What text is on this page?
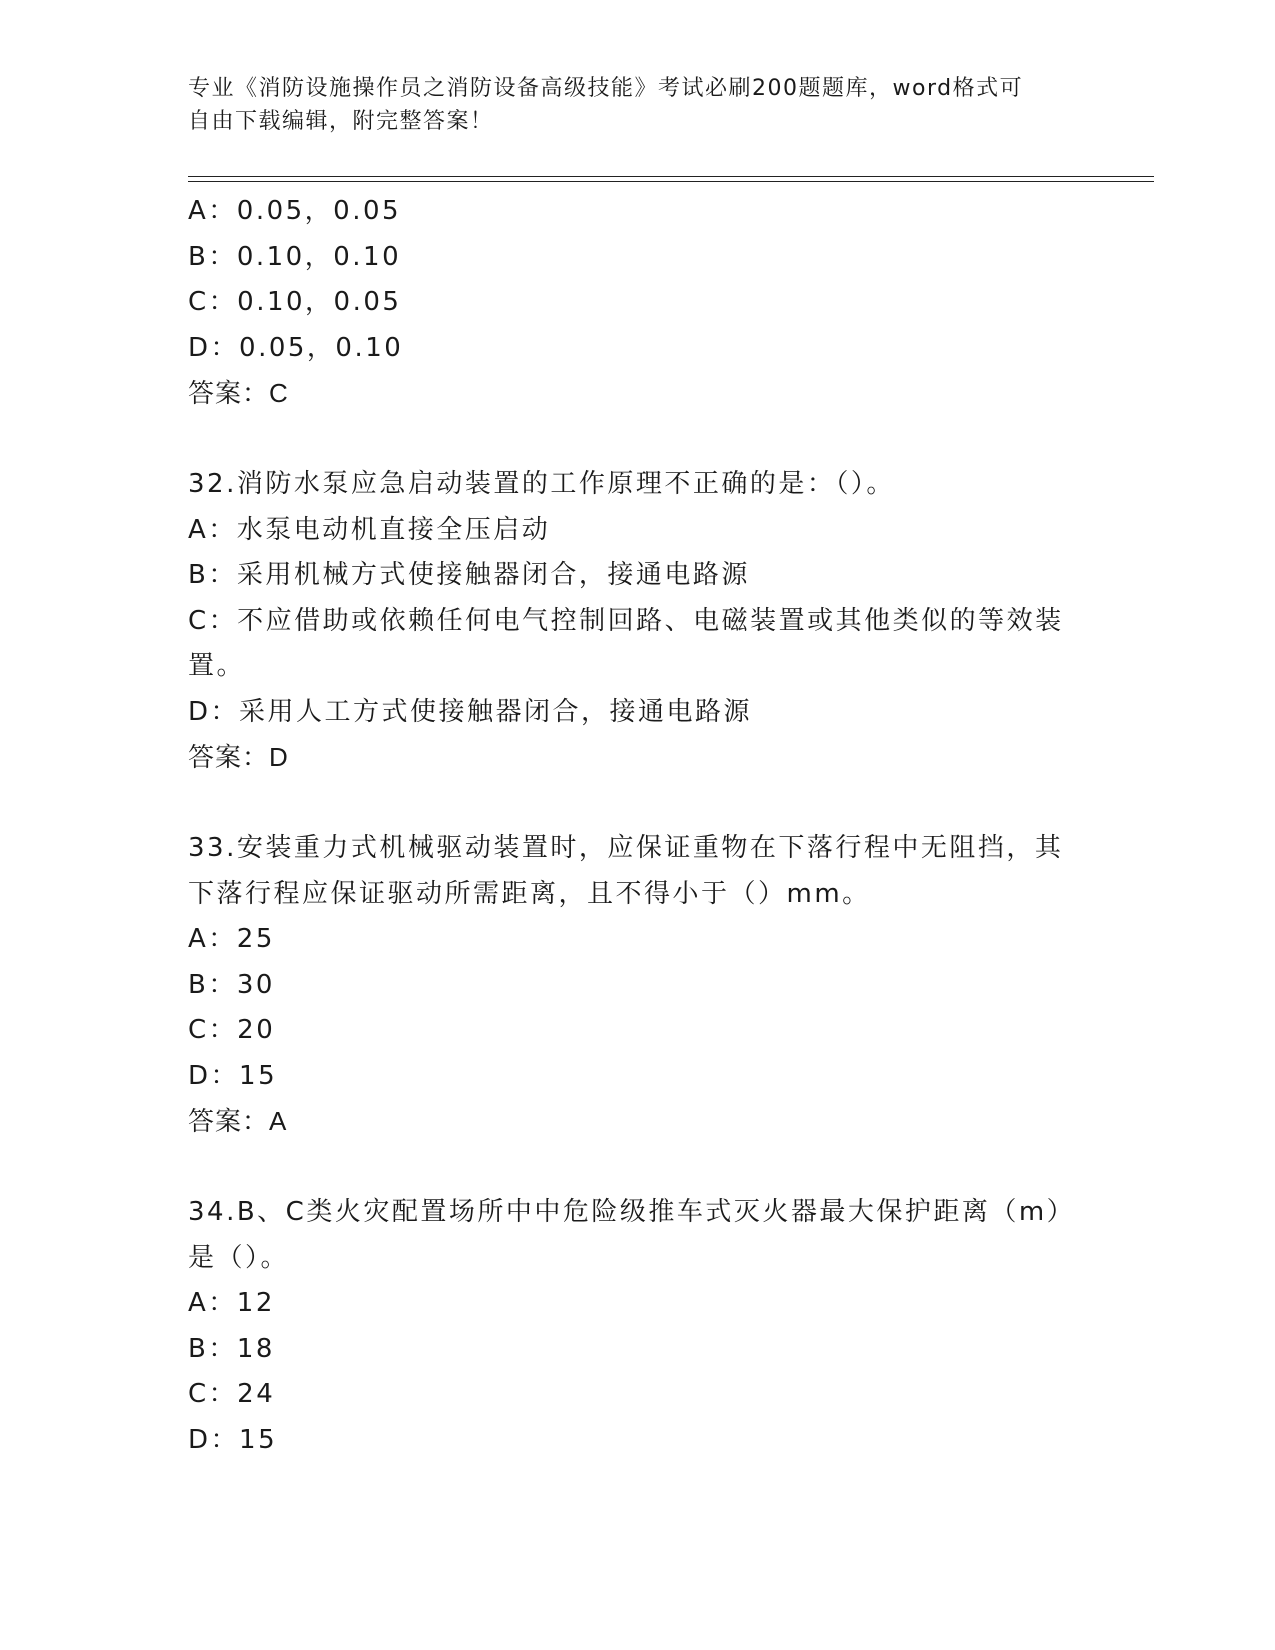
专业《消防设施操作员之消防设备高级技能》考试必刷200题题库，word格式可
自由下载编辑，附完整答案！
A：0.05，0.05
B：0.10，0.10
C：0.10，0.05
D：0.05，0.10
答案：C
32.消防水泵应急启动装置的工作原理不正确的是：（）。
A：水泵电动机直接全压启动
B：采用机械方式使接触器闭合，接通电路源
C：不应借助或依赖任何电气控制回路、电磁装置或其他类似的等效装
置。
D：采用人工方式使接触器闭合，接通电路源
答案：D
33.安装重力式机械驱动装置时，应保证重物在下落行程中无阻挡，其
下落行程应保证驱动所需距离，且不得小于（）mm。
A：25
B：30
C：20
D：15
答案：A
34.B、C类火灾配置场所中中危险级推车式灭火器最大保护距离（m）
是（）。
A：12
B：18
C：24
D：15
